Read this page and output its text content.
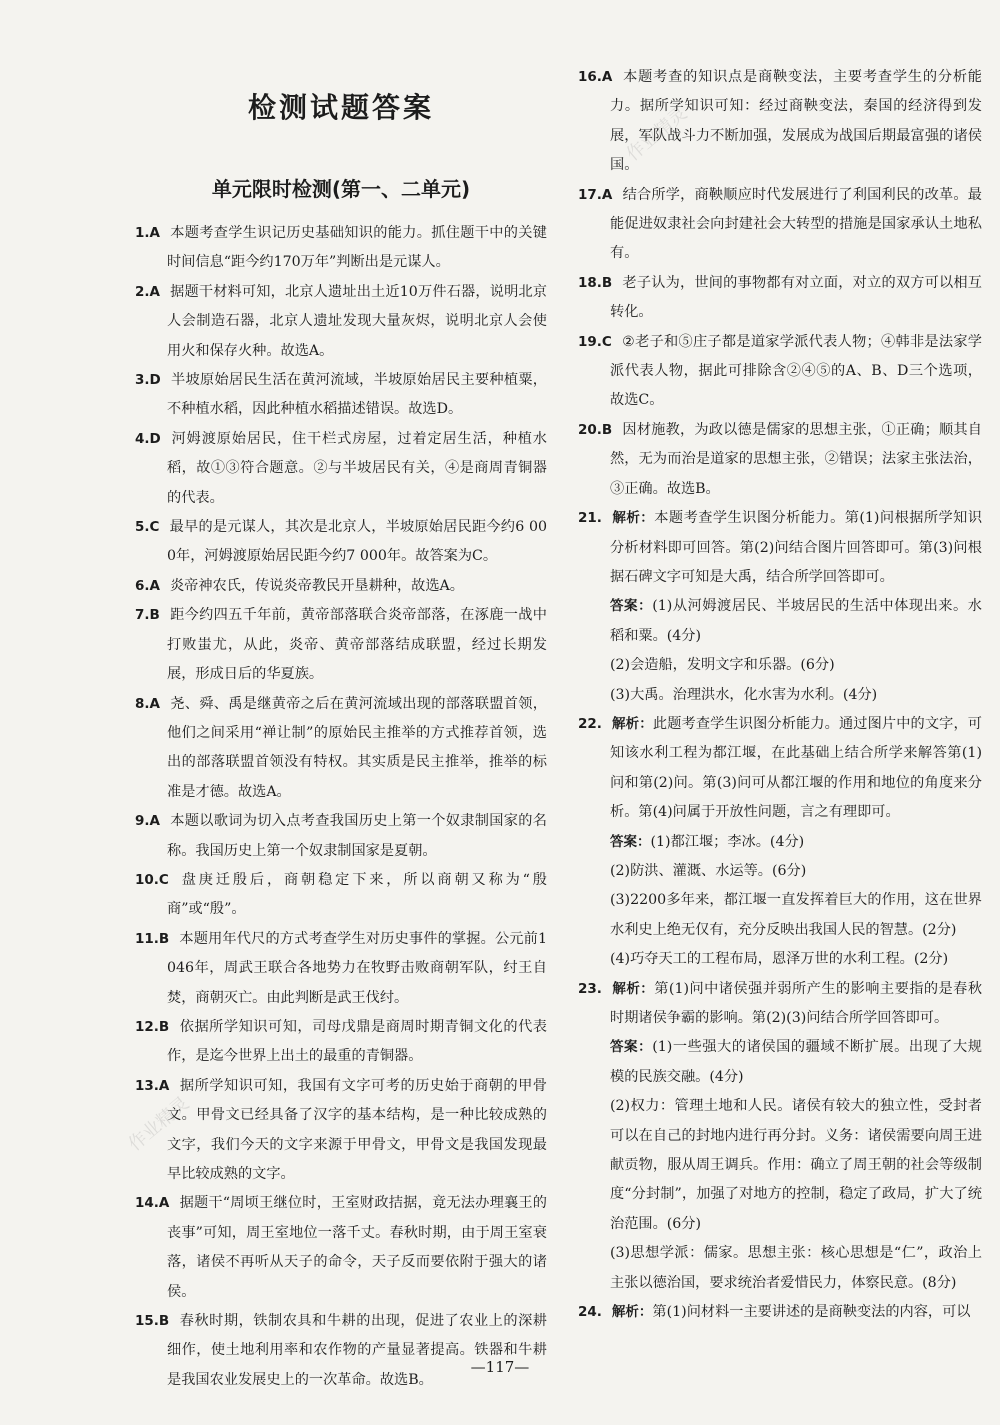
作业精灵
作业精灵
检测试题答案
单元限时检测(第一、二单元)

1.A 本题考查学生识记历史基础知识的能力。抓住题干中的关键时间信息“距今约170万年”判断出是元谋人。

2.A 据题干材料可知，北京人遗址出土近10万件石器，说明北京人会制造石器，北京人遗址发现大量灰烬，说明北京人会使用火和保存火种。故选A。

3.D 半坡原始居民生活在黄河流域，半坡原始居民主要种植粟，不种植水稻，因此种植水稻描述错误。故选D。

4.D 河姆渡原始居民，住干栏式房屋，过着定居生活，种植水稻，故①③符合题意。②与半坡居民有关，④是商周青铜器的代表。

5.C 最早的是元谋人，其次是北京人，半坡原始居民距今约6 000年，河姆渡原始居民距今约7 000年。故答案为C。

6.A 炎帝神农氏，传说炎帝教民开垦耕种，故选A。

7.B 距今约四五千年前，黄帝部落联合炎帝部落，在涿鹿一战中打败蚩尤，从此，炎帝、黄帝部落结成联盟，经过长期发展，形成日后的华夏族。

8.A 尧、舜、禹是继黄帝之后在黄河流域出现的部落联盟首领，他们之间采用“禅让制”的原始民主推举的方式推荐首领，选出的部落联盟首领没有特权。其实质是民主推举，推举的标准是才德。故选A。

9.A 本题以歌词为切入点考查我国历史上第一个奴隶制国家的名称。我国历史上第一个奴隶制国家是夏朝。

10.C 盘庚迁殷后，商朝稳定下来，所以商朝又称为“殷商”或“殷”。

11.B 本题用年代尺的方式考查学生对历史事件的掌握。公元前1046年，周武王联合各地势力在牧野击败商朝军队，纣王自焚，商朝灭亡。由此判断是武王伐纣。

12.B 依据所学知识可知，司母戊鼎是商周时期青铜文化的代表作，是迄今世界上出土的最重的青铜器。

13.A 据所学知识可知，我国有文字可考的历史始于商朝的甲骨文。甲骨文已经具备了汉字的基本结构，是一种比较成熟的文字，我们今天的文字来源于甲骨文，甲骨文是我国发现最早比较成熟的文字。

14.A 据题干“周顷王继位时，王室财政拮据，竟无法办理襄王的丧事”可知，周王室地位一落千丈。春秋时期，由于周王室衰落，诸侯不再听从天子的命令，天子反而要依附于强大的诸侯。

15.B 春秋时期，铁制农具和牛耕的出现，促进了农业上的深耕细作，使土地利用率和农作物的产量显著提高。铁器和牛耕是我国农业发展史上的一次革命。故选B。

16.A 本题考查的知识点是商鞅变法，主要考查学生的分析能力。据所学知识可知：经过商鞅变法，秦国的经济得到发展，军队战斗力不断加强，发展成为战国后期最富强的诸侯国。

17.A 结合所学，商鞅顺应时代发展进行了利国利民的改革。最能促进奴隶社会向封建社会大转型的措施是国家承认土地私有。

18.B 老子认为，世间的事物都有对立面，对立的双方可以相互转化。

19.C ②老子和⑤庄子都是道家学派代表人物；④韩非是法家学派代表人物，据此可排除含②④⑤的A、B、D三个选项，故选C。

20.B 因材施教，为政以德是儒家的思想主张，①正确；顺其自然，无为而治是道家的思想主张，②错误；法家主张法治，③正确。故选B。

21. 解析：本题考查学生识图分析能力。第(1)问根据所学知识分析材料即可回答。第(2)问结合图片回答即可。第(3)问根据石碑文字可知是大禹，结合所学回答即可。

答案：(1)从河姆渡居民、半坡居民的生活中体现出来。水稻和粟。(4分)

(2)会造船，发明文字和乐器。(6分)

(3)大禹。治理洪水，化水害为水利。(4分)

22. 解析：此题考查学生识图分析能力。通过图片中的文字，可知该水利工程为都江堰，在此基础上结合所学来解答第(1)问和第(2)问。第(3)问可从都江堰的作用和地位的角度来分析。第(4)问属于开放性问题，言之有理即可。

答案：(1)都江堰；李冰。(4分)

(2)防洪、灌溉、水运等。(6分)

(3)2200多年来，都江堰一直发挥着巨大的作用，这在世界水利史上绝无仅有，充分反映出我国人民的智慧。(2分)

(4)巧夺天工的工程布局，恩泽万世的水利工程。(2分)

23. 解析：第(1)问中诸侯强并弱所产生的影响主要指的是春秋时期诸侯争霸的影响。第(2)(3)问结合所学回答即可。

答案：(1)一些强大的诸侯国的疆域不断扩展。出现了大规模的民族交融。(4分)

(2)权力：管理土地和人民。诸侯有较大的独立性，受封者可以在自己的封地内进行再分封。义务：诸侯需要向周王进献贡物，服从周王调兵。作用：确立了周王朝的社会等级制度“分封制”，加强了对地方的控制，稳定了政局，扩大了统治范围。(6分)

(3)思想学派：儒家。思想主张：核心思想是“仁”，政治上主张以德治国，要求统治者爱惜民力，体察民意。(8分)

24. 解析：第(1)问材料一主要讲述的是商鞅变法的内容，可以

—117—
